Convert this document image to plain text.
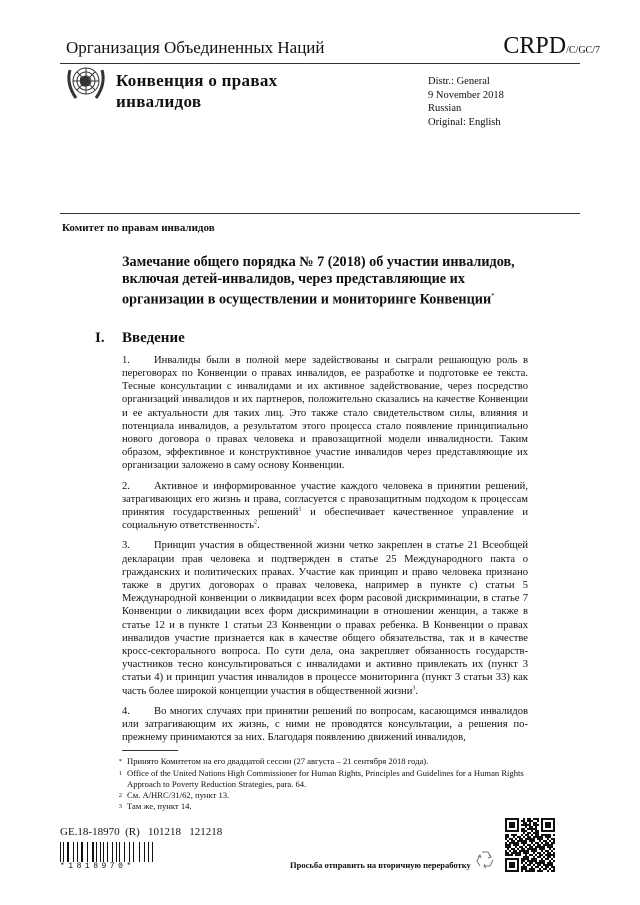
Организация Объединенных Наций	CRPD/C/GC/7
Конвенция о правах
инвалидов
Distr.: General
9 November 2018
Russian
Original: English
Комитет по правам инвалидов
Замечание общего порядка № 7 (2018) об участии инвалидов, включая детей-инвалидов, через представляющие их организации в осуществлении и мониторинге Конвенции*
I.	Введение

1. Инвалиды были в полной мере задействованы и сыграли решающую роль в переговорах по Конвенции о правах инвалидов, ее разработке и подготовке ее текста. Тесные консультации с инвалидами и их активное задействование, через посредство организаций инвалидов и их партнеров, положительно сказались на качестве Конвенции и ее актуальности для таких лиц. Это также стало свидетельством силы, влияния и потенциала инвалидов, а результатом этого процесса стало появление принципиально нового договора о правах человека и правозащитной модели инвалидности. Таким образом, эффективное и конструктивное участие инвалидов через представляющие их организации заложено в саму основу Конвенции.

2. Активное и информированное участие каждого человека в принятии решений, затрагивающих его жизнь и права, согласуется с правозащитным подходом к процессам принятия государственных решений$^1$ и обеспечивает качественное управление и социальную ответственность$^2$.

3. Принцип участия в общественной жизни четко закреплен в статье 21 Всеобщей декларации прав человека и подтвержден в статье 25 Международного пакта о гражданских и политических правах. Участие как принцип и право человека признано также в других договорах о правах человека, например в пункте c) статьи 5 Международной конвенции о ликвидации всех форм расовой дискриминации, в статье 7 Конвенции о ликвидации всех форм дискриминации в отношении женщин, а также в статье 12 и в пункте 1 статьи 23 Конвенции о правах ребенка. В Конвенции о правах инвалидов участие признается как в качестве общего обязательства, так и в качестве кросс-секторального вопроса. По сути дела, она закрепляет обязанность государств-участников тесно консультироваться с инвалидами и активно привлекать их (пункт 3 статьи 4) и принцип участия инвалидов в процессе мониторинга (пункт 3 статьи 33) как часть более широкой концепции участия в общественной жизни$^3$.

4. Во многих случаях при принятии решений по вопросам, касающимся инвалидов или затрагивающим их жизнь, с ними не проводятся консультации, а решения по-прежнему принимаются за них. Благодаря появлению движений инвалидов,

* Принято Комитетом на его двадцатой сессии (27 августа – 21 сентября 2018 года).
1 Office of the United Nations High Commissioner for Human Rights, Principles and Guidelines for a Human Rights Approach to Poverty Reduction Strategies, para. 64.
2 См. A/HRC/31/62, пункт 13.
3 Там же, пункт 14.
GE.18-18970  (R)   101218   121218
*1818970*	Просьба отправить на вторичную переработку
